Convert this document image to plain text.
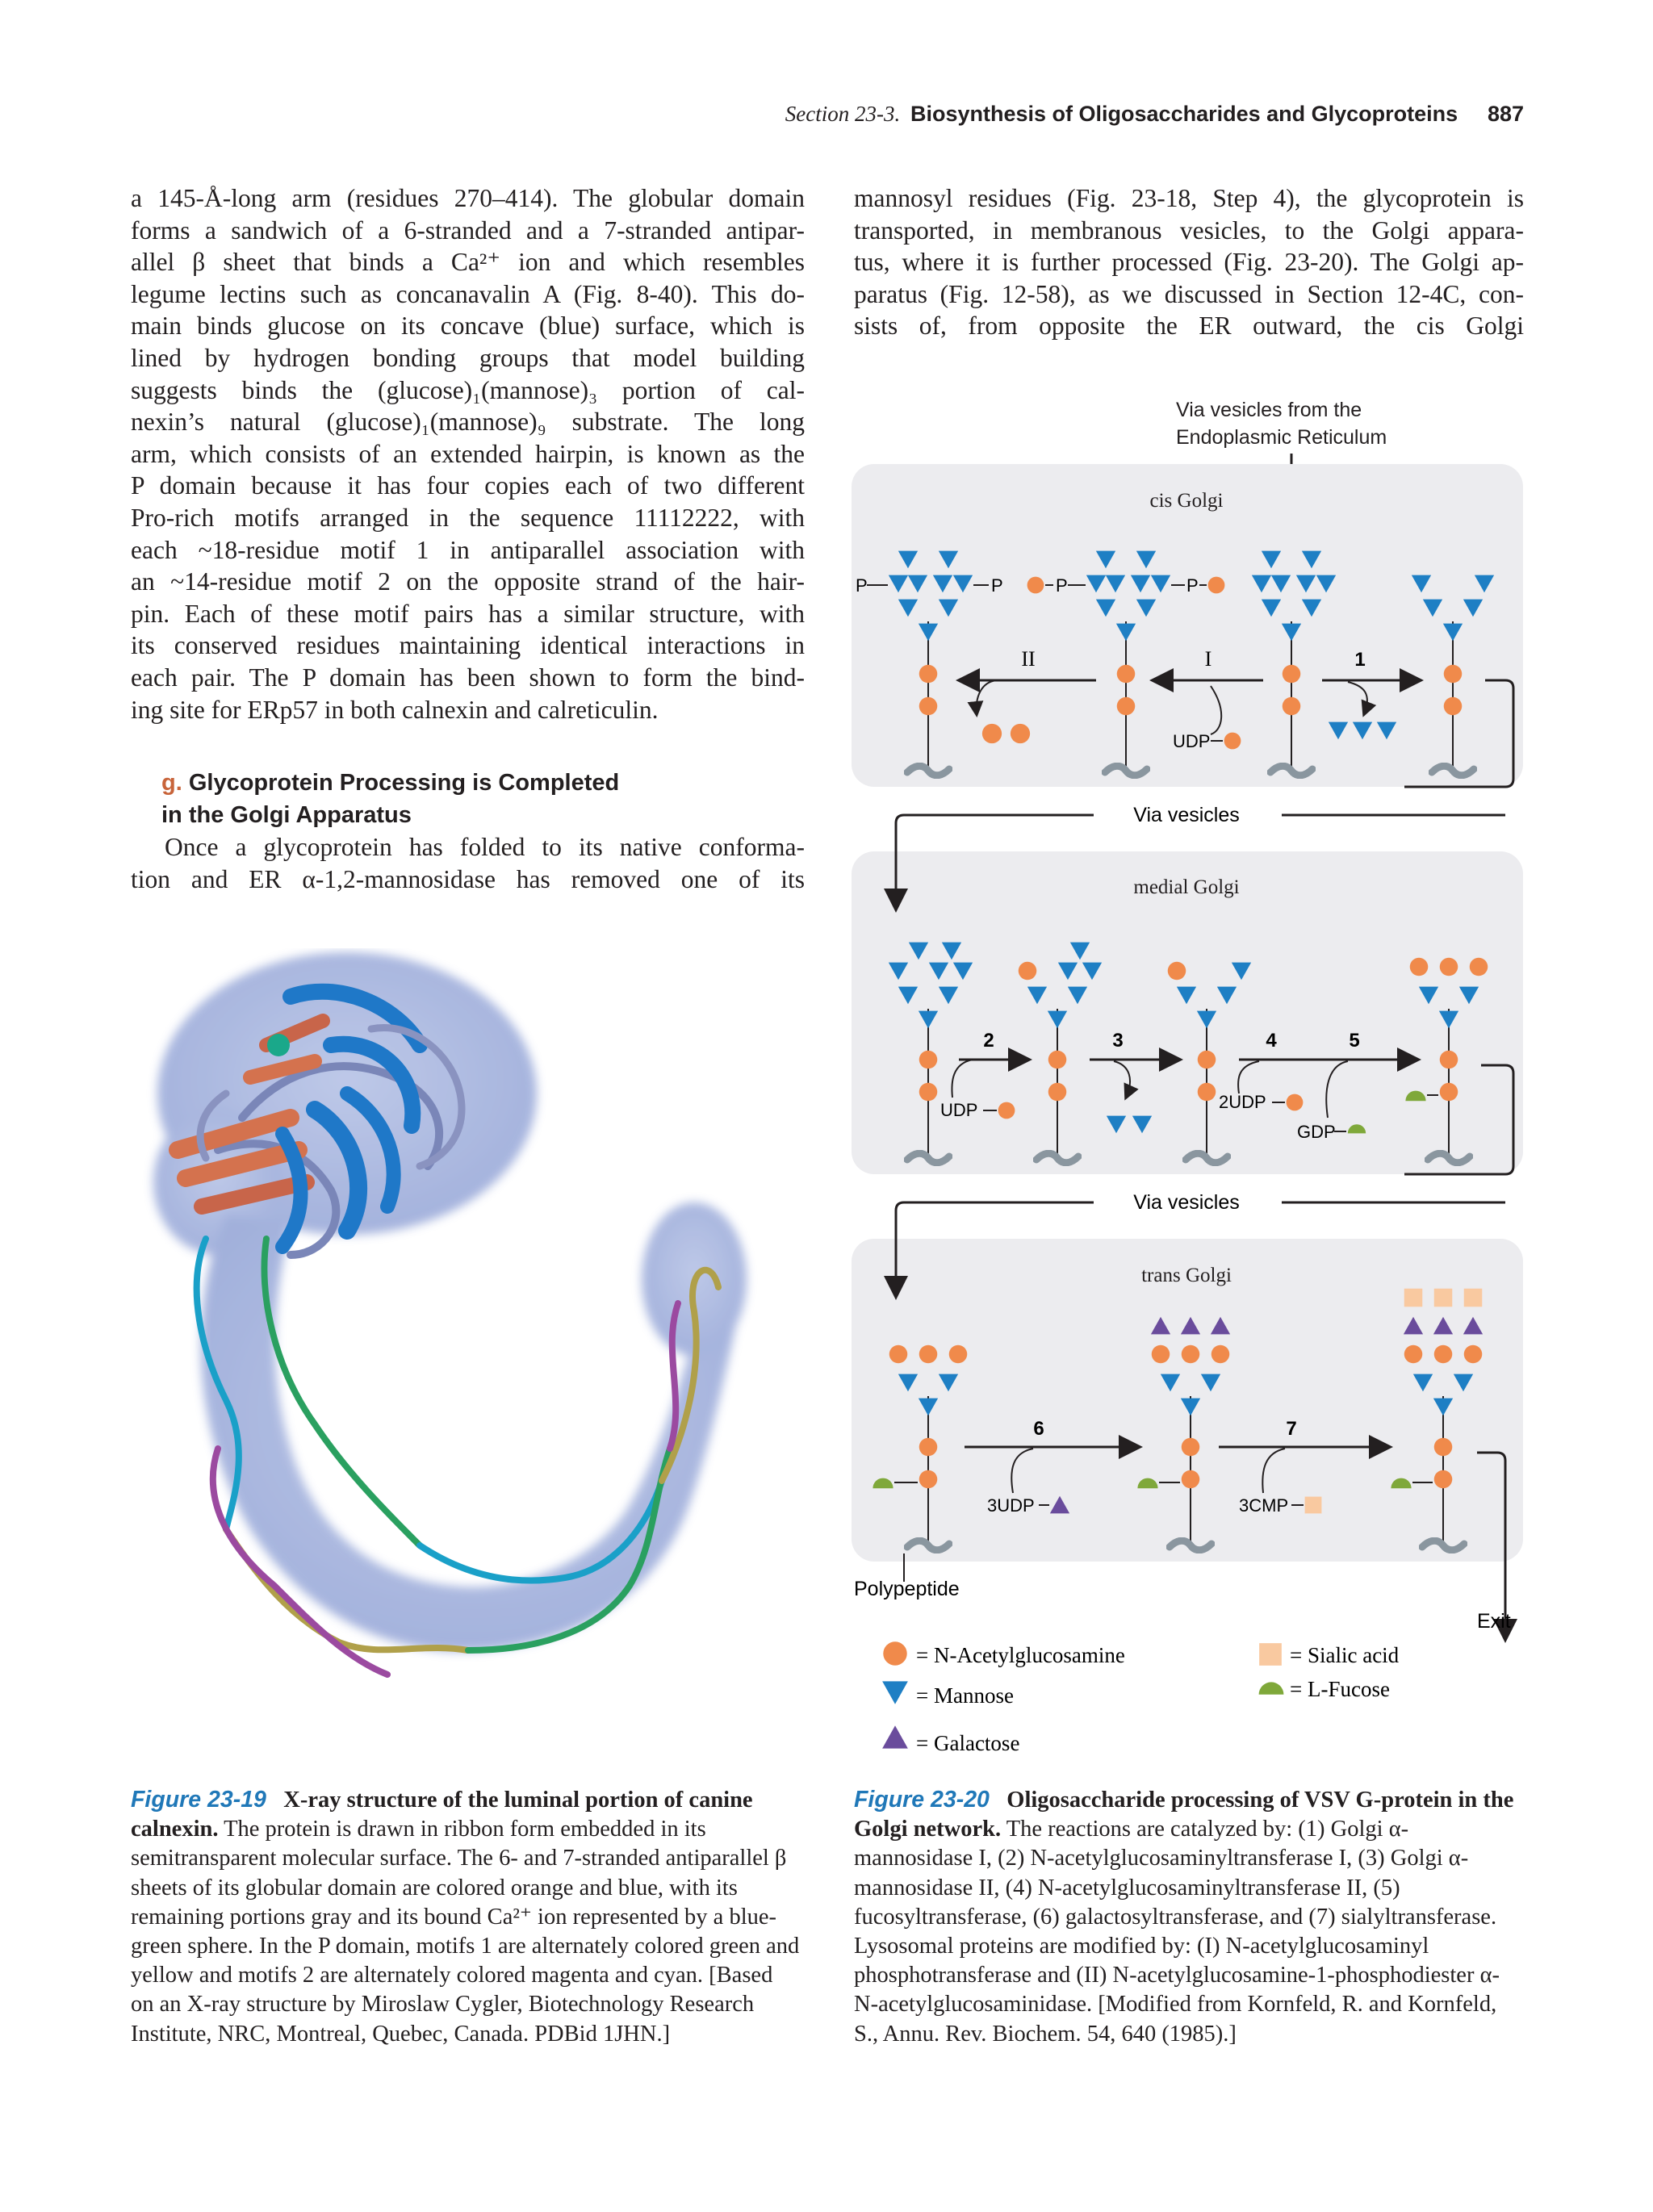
Section 23-3. Biosynthesis of Oligosaccharides and Glycoproteins 887

a 145-Å-long arm (residues 270–414). The globular domain

forms a sandwich of a 6-stranded and a 7-stranded antipar-

allel β sheet that binds a Ca²⁺ ion and which resembles

legume lectins such as concanavalin A (Fig. 8-40). This do-

main binds glucose on its concave (blue) surface, which is

lined by hydrogen bonding groups that model building

suggests binds the (glucose)₁(mannose)₃ portion of cal-

nexin’s natural (glucose)₁(mannose)₉ substrate. The long

arm, which consists of an extended hairpin, is known as the

P domain because it has four copies each of two different

Pro-rich motifs arranged in the sequence 11112222, with

each ~18-residue motif 1 in antiparallel association with

an ~14-residue motif 2 on the opposite strand of the hair-

pin. Each of these motif pairs has a similar structure, with

its conserved residues maintaining identical interactions in

each pair. The P domain has been shown to form the bind-

ing site for ERp57 in both calnexin and calreticulin.

g. Glycoprotein Processing is Completed
in the Golgi Apparatus

Once a glycoprotein has folded to its native conforma-

tion and ER α-1,2-mannosidase has removed one of its

mannosyl residues (Fig. 23-18, Step 4), the glycoprotein is

transported, in membranous vesicles, to the Golgi appara-

tus, where it is further processed (Fig. 23-20). The Golgi ap-

paratus (Fig. 12-58), as we discussed in Section 12-4C, con-

sists of, from opposite the ER outward, the cis Golgi

Via vesicles from the
Endoplasmic Reticulum
cis Golgi
medial Golgi
trans Golgi
P	P	P	P
II	I
UDP
1
Via vesicles
2
UDP
3	4	5
2UDP
GDP
Via vesicles
6
3UDP
7
3CMP
Polypeptide
Exit
= N-Acetylglucosamine
= Mannose
= Galactose
= Sialic acid
= L-Fucose
Figure 23-19 X-ray structure of the luminal portion of canine calnexin. The protein is drawn in ribbon form embedded in its semitransparent molecular surface. The 6- and 7-stranded antiparallel β sheets of its globular domain are colored orange and blue, with its remaining portions gray and its bound Ca²⁺ ion represented by a blue-green sphere. In the P domain, motifs 1 are alternately colored green and yellow and motifs 2 are alternately colored magenta and cyan. [Based on an X-ray structure by Miroslaw Cygler, Biotechnology Research Institute, NRC, Montreal, Quebec, Canada. PDBid 1JHN.]
Figure 23-20 Oligosaccharide processing of VSV G-protein in the Golgi network. The reactions are catalyzed by: (1) Golgi α-mannosidase I, (2) N-acetylglucosaminyltransferase I, (3) Golgi α-mannosidase II, (4) N-acetylglucosaminyltransferase II, (5) fucosyltransferase, (6) galactosyltransferase, and (7) sialyltransferase. Lysosomal proteins are modified by: (I) N-acetylglucosaminyl phosphotransferase and (II) N-acetylglucosamine-1-phosphodiester α-N-acetylglucosaminidase. [Modified from Kornfeld, R. and Kornfeld, S., Annu. Rev. Biochem. 54, 640 (1985).]
